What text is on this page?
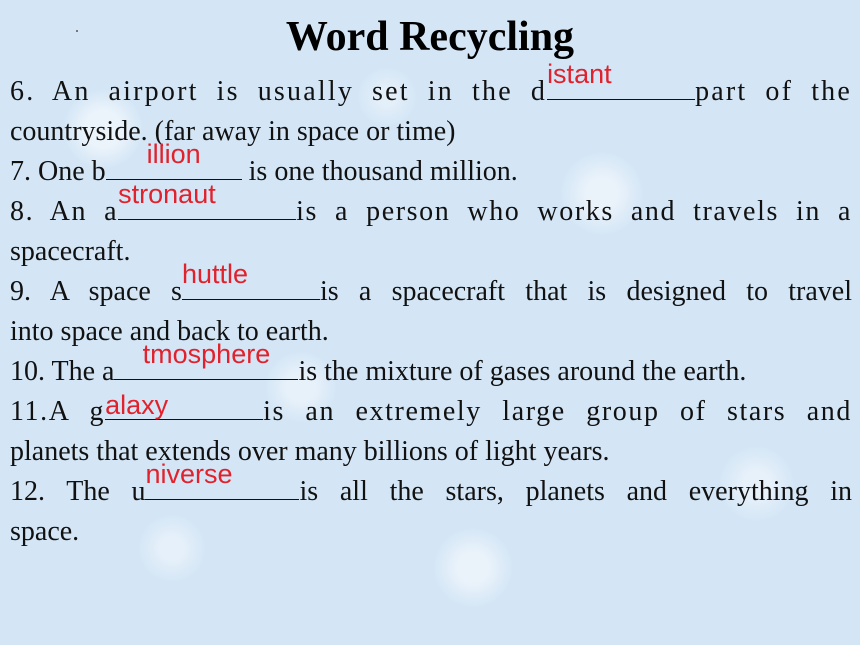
Word Recycling
6. An airport is usually set in the d
istant
part of the
countryside. (far away in space or time)
7. One b
illion
is one thousand million.
8. An a
stronaut
is a person who works and travels in a
spacecraft.
9. A space s
huttle
is a spacecraft that is designed to travel
into space and back to earth.
10. The a
tmosphere
is the mixture of gases around the earth.
11.A g alaxy	is an extremely large group of stars and
planets that extends over many billions of light years.
12. The u
niverse
is all the stars, planets and everything in
space.
